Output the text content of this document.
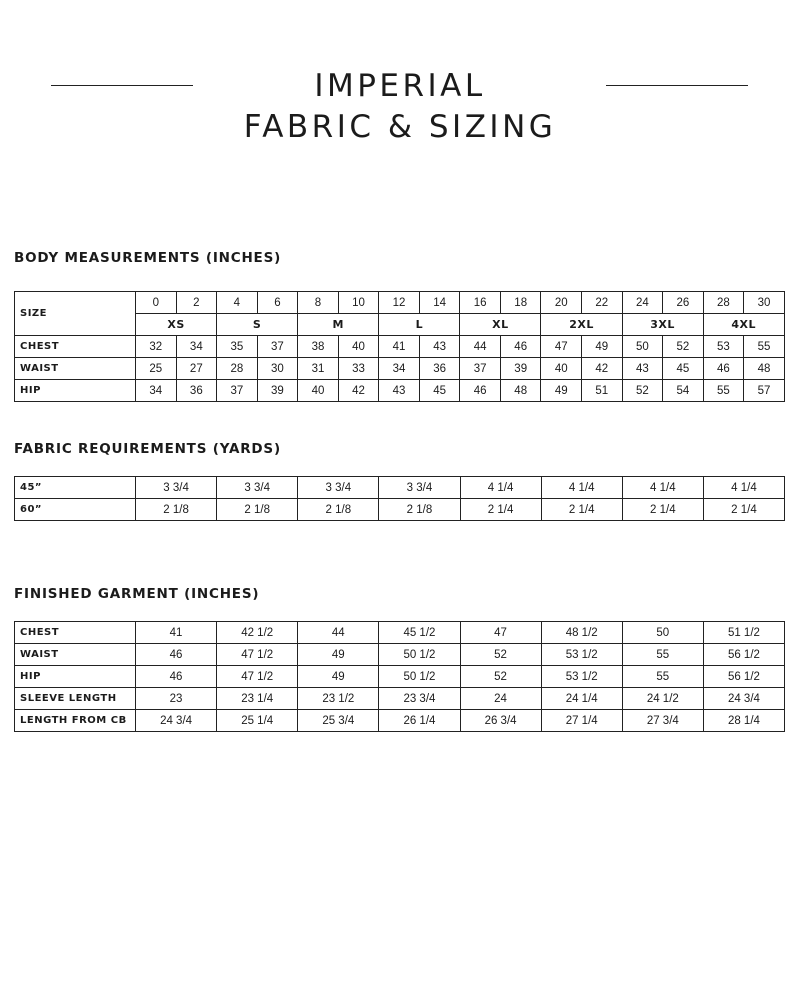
IMPERIAL
FABRIC & SIZING
BODY MEASUREMENTS (INCHES)
SIZE	0	2	4	6	8	10	12	14	16	18	20	22	24	26	28	30
	XS		S		M		L		XL		2XL		3XL		4XL	
CHEST	32	34	35	37	38	40	41	43	44	46	47	49	50	52	53	55
WAIST	25	27	28	30	31	33	34	36	37	39	40	42	43	45	46	48
HIP	34	36	37	39	40	42	43	45	46	48	49	51	52	54	55	57
FABRIC REQUIREMENTS (YARDS)
45”	3 3/4	3 3/4	3 3/4	3 3/4	4 1/4	4 1/4	4 1/4	4 1/4
60”	2 1/8	2 1/8	2 1/8	2 1/8	2 1/4	2 1/4	2 1/4	2 1/4
FINISHED GARMENT (INCHES)
CHEST	41	42 1/2	44	45 1/2	47	48 1/2	50	51 1/2
WAIST	46	47 1/2	49	50 1/2	52	53 1/2	55	56 1/2
HIP	46	47 1/2	49	50 1/2	52	53 1/2	55	56 1/2
SLEEVE LENGTH	23	23 1/4	23 1/2	23 3/4	24	24 1/4	24 1/2	24 3/4
LENGTH FROM CB	24 3/4	25 1/4	25 3/4	26 1/4	26 3/4	27 1/4	27 3/4	28 1/4
